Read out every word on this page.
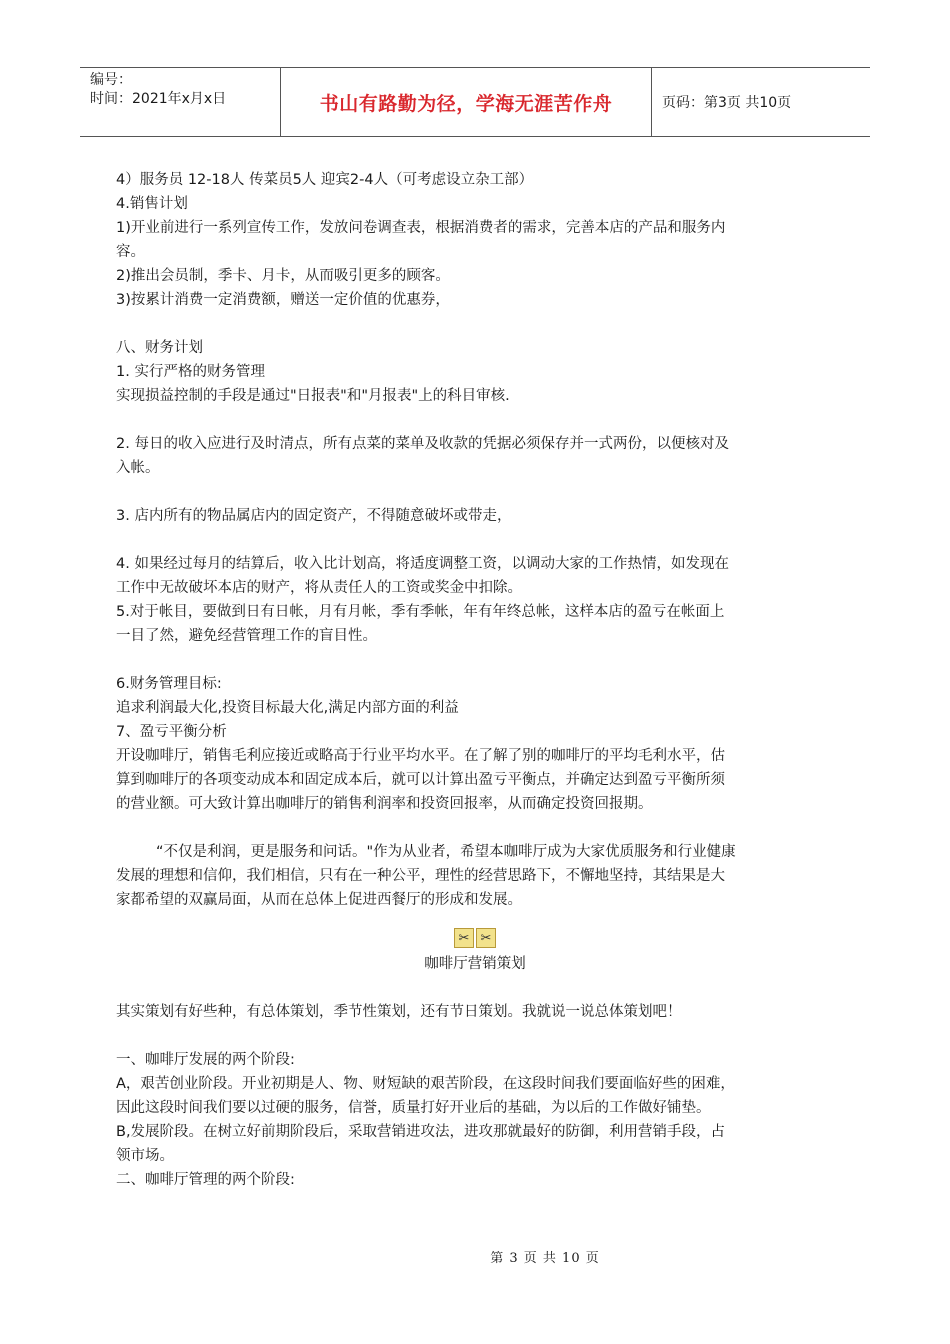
编号：
时间：2021年x月x日	书山有路勤为径，学海无涯苦作舟	页码：第3页 共10页

4）服务员 12-18人 传菜员5人 迎宾2-4人（可考虑设立杂工部）

4.销售计划

1)开业前进行一系列宣传工作，发放问卷调查表，根据消费者的需求，完善本店的产品和服务内

容。

2)推出会员制，季卡、月卡，从而吸引更多的顾客。

3)按累计消费一定消费额，赠送一定价值的优惠券，

八、财务计划

1. 实行严格的财务管理

实现损益控制的手段是通过"日报表"和"月报表"上的科目审核.

2. 每日的收入应进行及时清点，所有点菜的菜单及收款的凭据必须保存并一式两份，以便核对及

入帐。

3. 店内所有的物品属店内的固定资产，不得随意破坏或带走，

4. 如果经过每月的结算后，收入比计划高，将适度调整工资，以调动大家的工作热情，如发现在

工作中无故破坏本店的财产，将从责任人的工资或奖金中扣除。

5.对于帐目，要做到日有日帐，月有月帐，季有季帐，年有年终总帐，这样本店的盈亏在帐面上

一目了然，避免经营管理工作的盲目性。

6.财务管理目标:

追求利润最大化,投资目标最大化,满足内部方面的利益

7、盈亏平衡分析

开设咖啡厅，销售毛利应接近或略高于行业平均水平。在了解了别的咖啡厅的平均毛利水平，估

算到咖啡厅的各项变动成本和固定成本后，就可以计算出盈亏平衡点，并确定达到盈亏平衡所须

的营业额。可大致计算出咖啡厅的销售利润率和投资回报率，从而确定投资回报期。

“不仅是利润，更是服务和问话。"作为从业者，希望本咖啡厅成为大家优质服务和行业健康

发展的理想和信仰，我们相信，只有在一种公平，理性的经营思路下，不懈地坚持，其结果是大

家都希望的双赢局面，从而在总体上促进西餐厅的形成和发展。

✂ ✂

咖啡厅营销策划

其实策划有好些种，有总体策划，季节性策划，还有节日策划。我就说一说总体策划吧！

一、咖啡厅发展的两个阶段:

A，艰苦创业阶段。开业初期是人、物、财短缺的艰苦阶段，在这段时间我们要面临好些的困难，

因此这段时间我们要以过硬的服务，信誉，质量打好开业后的基础，为以后的工作做好铺垫。

B,发展阶段。在树立好前期阶段后，采取营销进攻法，进攻那就最好的防御，利用营销手段，占

领市场。

二、咖啡厅管理的两个阶段:

第 3 页 共 10 页
